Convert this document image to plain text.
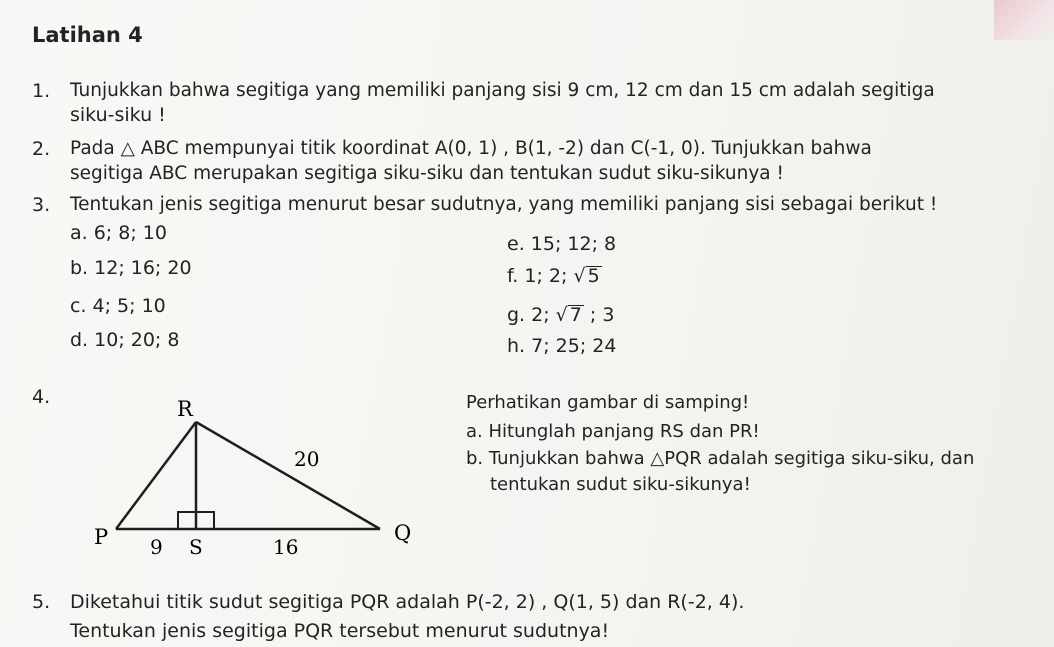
Latihan 4
1. Tunjukkan bahwa segitiga yang memiliki panjang sisi 9 cm, 12 cm dan 15 cm adalah segitiga
siku-siku !
2. Pada △ ABC mempunyai titik koordinat A(0, 1) , B(1, -2) dan C(-1, 0). Tunjukkan bahwa
segitiga ABC merupakan segitiga siku-siku dan tentukan sudut siku-sikunya !
3. Tentukan jenis segitiga menurut besar sudutnya, yang memiliki panjang sisi sebagai berikut !
a. 6; 8; 10
b. 12; 16; 20
c. 4; 5; 10
d. 10; 20; 8
e. 15; 12; 8
f. 1; 2; √ 5
g. 2; √ 7 ; 3
h. 7; 25; 24
4.	R
P	S
Q
20
9	16
Perhatikan gambar di samping!
a. Hitunglah panjang RS dan PR!
b. Tunjukkan bahwa △PQR adalah segitiga siku-siku, dan
tentukan sudut siku-sikunya!
5. Diketahui titik sudut segitiga PQR adalah P(-2, 2) , Q(1, 5) dan R(-2, 4).
Tentukan jenis segitiga PQR tersebut menurut sudutnya!
